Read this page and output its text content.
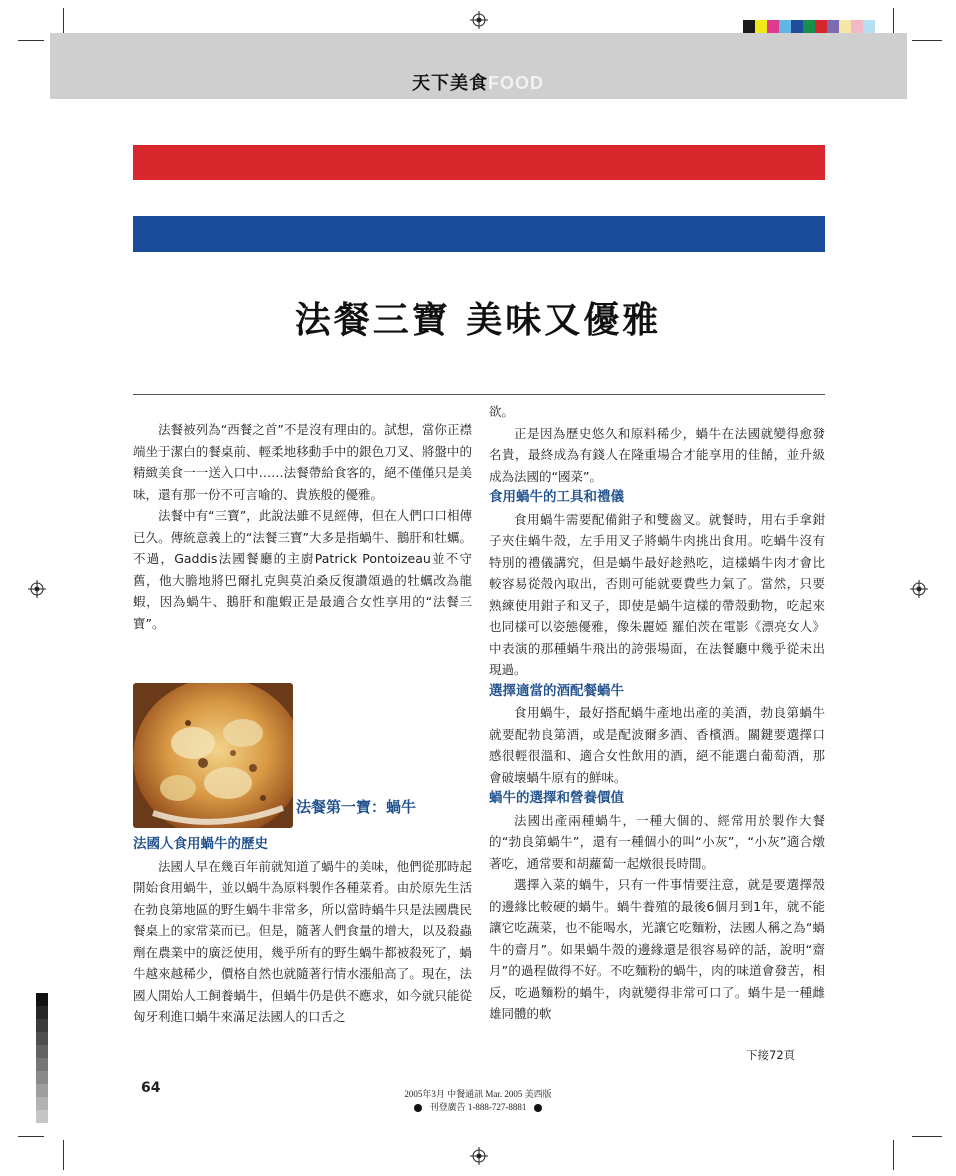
天下美食FOOD
法餐三寶 美味又優雅

法餐被列為“西餐之首”不是沒有理由的。試想，當你正襟端坐于潔白的餐桌前、輕柔地移動手中的銀色刀叉、將盤中的精緻美食一一送入口中……法餐帶給食客的，絕不僅僅只是美味，還有那一份不可言喻的、貴族般的優雅。

法餐中有“三寶”，此說法雖不見經傳，但在人們口口相傳已久。傳統意義上的“法餐三寶”大多是指蝸牛、鵝肝和牡蠣。不過，Gaddis法國餐廳的主廚Patrick Pontoizeau並不守舊，他大膽地將巴爾扎克與莫泊桑反復讚頌過的牡蠣改為龍蝦，因為蝸牛、鵝肝和龍蝦正是最適合女性享用的“法餐三寶”。

法餐第一寶：蝸牛
法國人食用蝸牛的歷史

法國人早在幾百年前就知道了蝸牛的美味，他們從那時起開始食用蝸牛，並以蝸牛為原料製作各種菜肴。由於原先生活在勃良第地區的野生蝸牛非常多，所以當時蝸牛只是法國農民餐桌上的家常菜而已。但是，隨著人們食量的增大，以及殺蟲劑在農業中的廣泛使用，幾乎所有的野生蝸牛都被殺死了，蝸牛越來越稀少，價格自然也就隨著行情水漲船高了。現在，法國人開始人工飼養蝸牛，但蝸牛仍是供不應求，如今就只能從匈牙利進口蝸牛來滿足法國人的口舌之

欲。

正是因為歷史悠久和原料稀少，蝸牛在法國就變得愈發名貴，最終成為有錢人在隆重場合才能享用的佳餚，並升級成為法國的“國菜”。

食用蝸牛的工具和禮儀

食用蝸牛需要配備鉗子和雙齒叉。就餐時，用右手拿鉗子夾住蝸牛殼，左手用叉子將蝸牛肉挑出食用。吃蝸牛沒有特別的禮儀講究，但是蝸牛最好趁熱吃，這樣蝸牛肉才會比較容易從殼內取出，否則可能就要費些力氣了。當然，只要熟練使用鉗子和叉子，即使是蝸牛這樣的帶殼動物，吃起來也同樣可以姿態優雅，像朱麗婭 羅伯茨在電影《漂亮女人》中表演的那種蝸牛飛出的誇張場面，在法餐廳中幾乎從未出現過。

選擇適當的酒配餐蝸牛

食用蝸牛，最好搭配蝸牛產地出產的美酒，勃良第蝸牛就要配勃良第酒，或是配波爾多酒、香檳酒。關鍵要選擇口感很輕很溫和、適合女性飲用的酒，絕不能選白葡萄酒，那會破壞蝸牛原有的鮮味。

蝸牛的選擇和營養價值

法國出產兩種蝸牛，一種大個的、經常用於製作大餐的“勃良第蝸牛”，還有一種個小的叫“小灰”，“小灰”適合燉著吃，通常要和胡蘿蔔一起燉很長時間。

選擇入菜的蝸牛，只有一件事情要注意，就是要選擇殼的邊緣比較硬的蝸牛。蝸牛養殖的最後6個月到1年，就不能讓它吃蔬菜，也不能喝水，光讓它吃麵粉，法國人稱之為“蝸牛的齋月”。如果蝸牛殼的邊緣還是很容易碎的話，說明“齋月”的過程做得不好。不吃麵粉的蝸牛，肉的味道會發苦，相反，吃過麵粉的蝸牛，肉就變得非常可口了。蝸牛是一種雌雄同體的軟

下接72頁
64	2005年3月 中餐通訊 Mar. 2005 美西版
刊登廣告 1-888-727-8881
